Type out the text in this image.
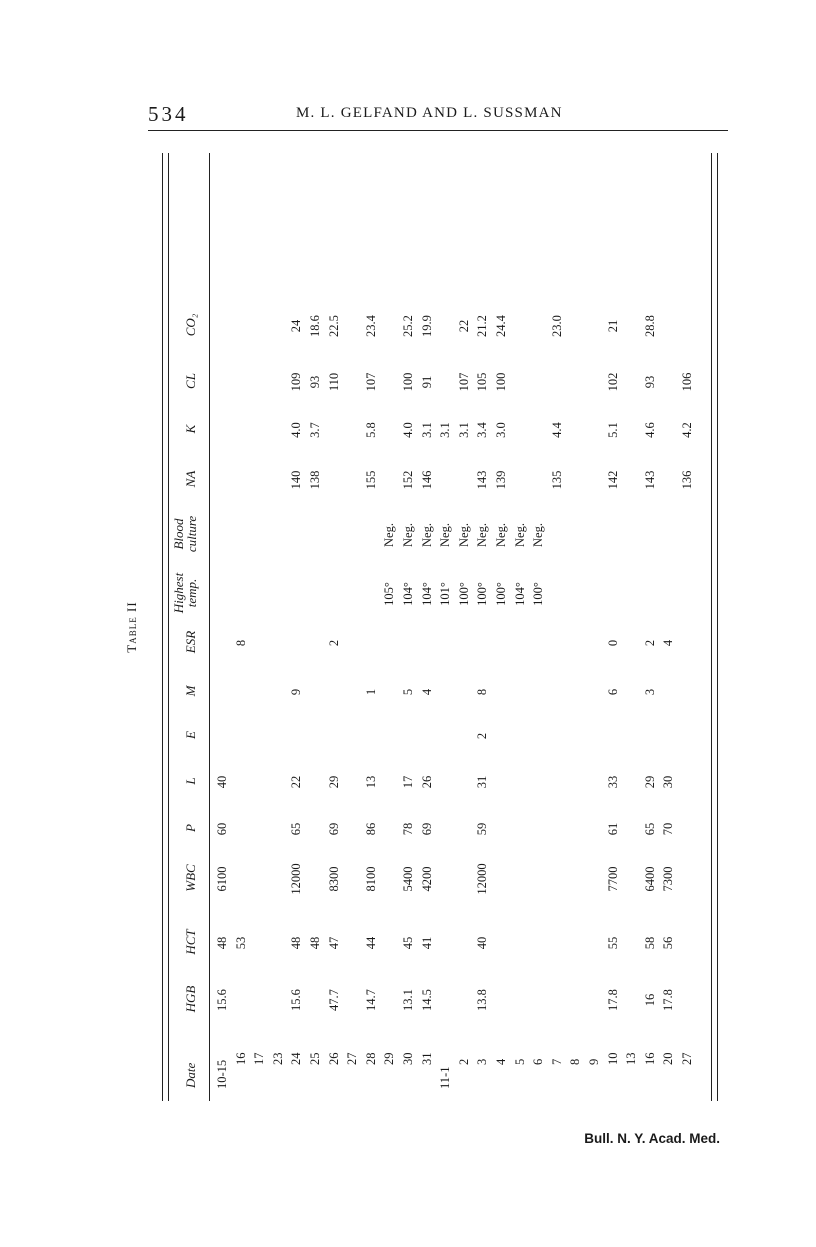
534	M. L. GELFAND AND L. SUSSMAN
Table II
Date
HGB
HCT
WBC
P
L
E
M
ESR
Highest
temp.
Blood
culture
NA
K
CL
CO₂
10-15
15.6
48
6100
60
40
16
53
8
17 23 24
15.6
48
12000
65
22
9
140
4.0
109
24
25
48
138
3.7
93
18.6
26
47.7
47
8300
69
29
2
110
22.5
27 28
14.7
44
8100
86
13
1
155
5.8
107
23.4
29
105°
Neg.
30
13.1
45
5400
78
17
5
104°
Neg.
152
4.0
100
25.2
31
14.5
41
4200
69
26
4
104°
Neg.
146
3.1
91
19.9
11-1
101°
Neg.
3.1
2
100°
Neg.
3.1
107
22
3
13.8
40
12000
59
31
2
8
100°
Neg.
143
3.4
105
21.2
4
100°
Neg.
139
3.0
100
24.4
5
104°
Neg.
6
100°
Neg.
7
135
4.4
23.0
8 9 10
17.8
55
7700
61
33
6
0
142
5.1
102
21
13 16
16
58
6400
65
29
3
2
143
4.6
93
28.8
20
17.8
56
7300
70
30
4
27
136
4.2
106
Bull. N. Y. Acad. Med.
